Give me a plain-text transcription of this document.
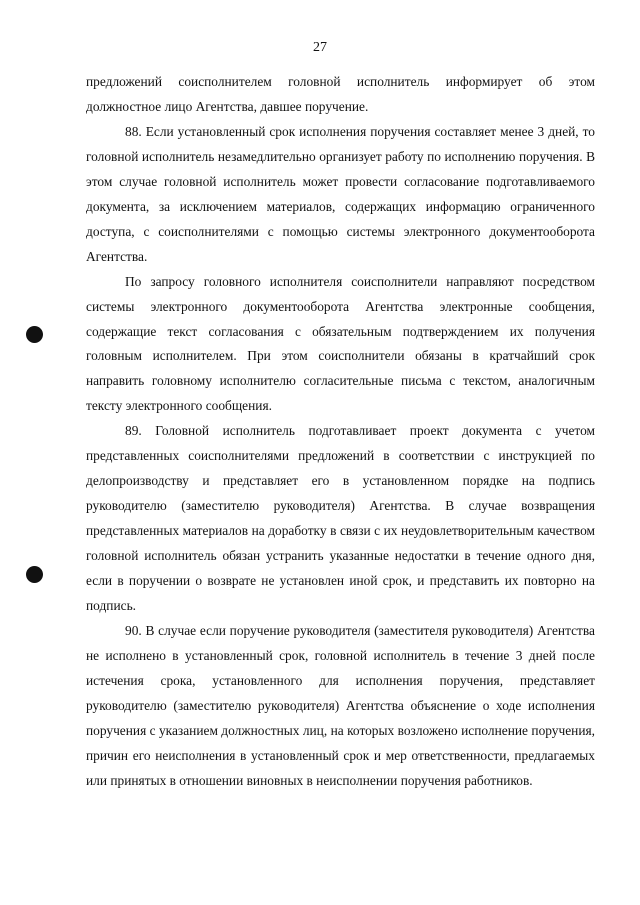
27

предложений соисполнителем головной исполнитель информирует об этом должностное лицо Агентства, давшее поручение.

88. Если установленный срок исполнения поручения составляет менее 3 дней, то головной исполнитель незамедлительно организует работу по исполнению поручения. В этом случае головной исполнитель может провести согласование подготавливаемого документа, за исключением материалов, содержащих информацию ограниченного доступа, с соисполнителями с помощью системы электронного документооборота Агентства.

По запросу головного исполнителя соисполнители направляют посредством системы электронного документооборота Агентства электронные сообщения, содержащие текст согласования с обязательным подтверждением их получения головным исполнителем. При этом соисполнители обязаны в кратчайший срок направить головному исполнителю согласительные письма с текстом, аналогичным тексту электронного сообщения.

89. Головной исполнитель подготавливает проект документа с учетом представленных соисполнителями предложений в соответствии с инструкцией по делопроизводству и представляет его в установленном порядке на подпись руководителю (заместителю руководителя) Агентства. В случае возвращения представленных материалов на доработку в связи с их неудовлетворительным качеством головной исполнитель обязан устранить указанные недостатки в течение одного дня, если в поручении о возврате не установлен иной срок, и представить их повторно на подпись.

90. В случае если поручение руководителя (заместителя руководителя) Агентства не исполнено в установленный срок, головной исполнитель в течение 3 дней после истечения срока, установленного для исполнения поручения, представляет руководителю (заместителю руководителя) Агентства объяснение о ходе исполнения поручения с указанием должностных лиц, на которых возложено исполнение поручения, причин его неисполнения в установленный срок и мер ответственности, предлагаемых или принятых в отношении виновных в неисполнении поручения работников.
